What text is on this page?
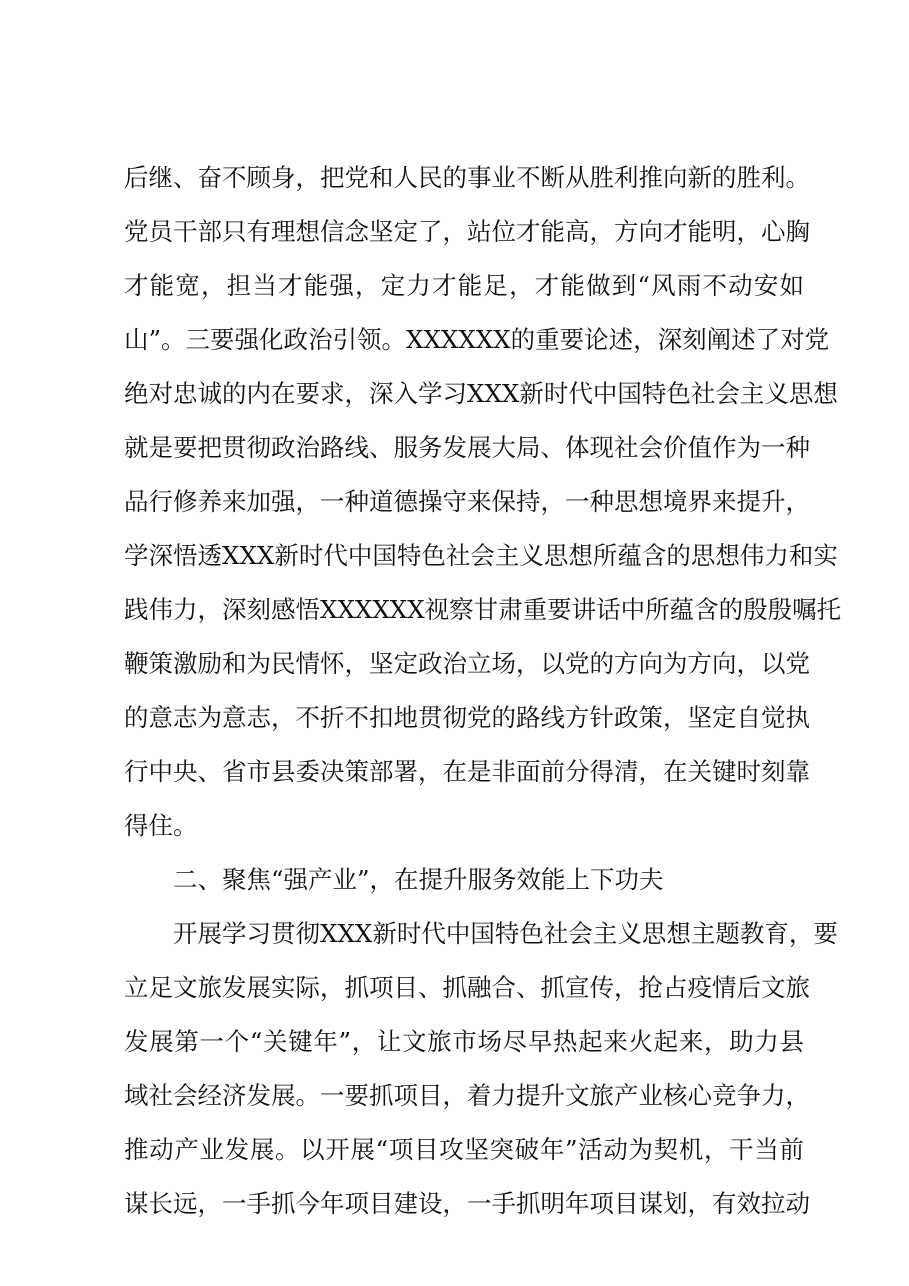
后继、奋不顾身，把党和人民的事业不断从胜利推向新的胜利。
党员干部只有理想信念坚定了，站位才能高，方向才能明，心胸
才能宽，担当才能强，定力才能足，才能做到“风雨不动安如
山”。三要强化政治引领。XXXXXX的重要论述，深刻阐述了对党
绝对忠诚的内在要求，深入学习XXX新时代中国特色社会主义思想
就是要把贯彻政治路线、服务发展大局、体现社会价值作为一种
品行修养来加强，一种道德操守来保持，一种思想境界来提升，
学深悟透XXX新时代中国特色社会主义思想所蕴含的思想伟力和实
践伟力，深刻感悟XXXXXX视察甘肃重要讲话中所蕴含的殷殷嘱托
鞭策激励和为民情怀，坚定政治立场，以党的方向为方向，以党
的意志为意志，不折不扣地贯彻党的路线方针政策，坚定自觉执
行中央、省市县委决策部署，在是非面前分得清，在关键时刻靠
得住。
二、聚焦“强产业”，在提升服务效能上下功夫
开展学习贯彻XXX新时代中国特色社会主义思想主题教育，要
立足文旅发展实际，抓项目、抓融合、抓宣传，抢占疫情后文旅
发展第一个“关键年”，让文旅市场尽早热起来火起来，助力县
域社会经济发展。一要抓项目，着力提升文旅产业核心竞争力，
推动产业发展。以开展“项目攻坚突破年”活动为契机，干当前
谋长远，一手抓今年项目建设，一手抓明年项目谋划，有效拉动
